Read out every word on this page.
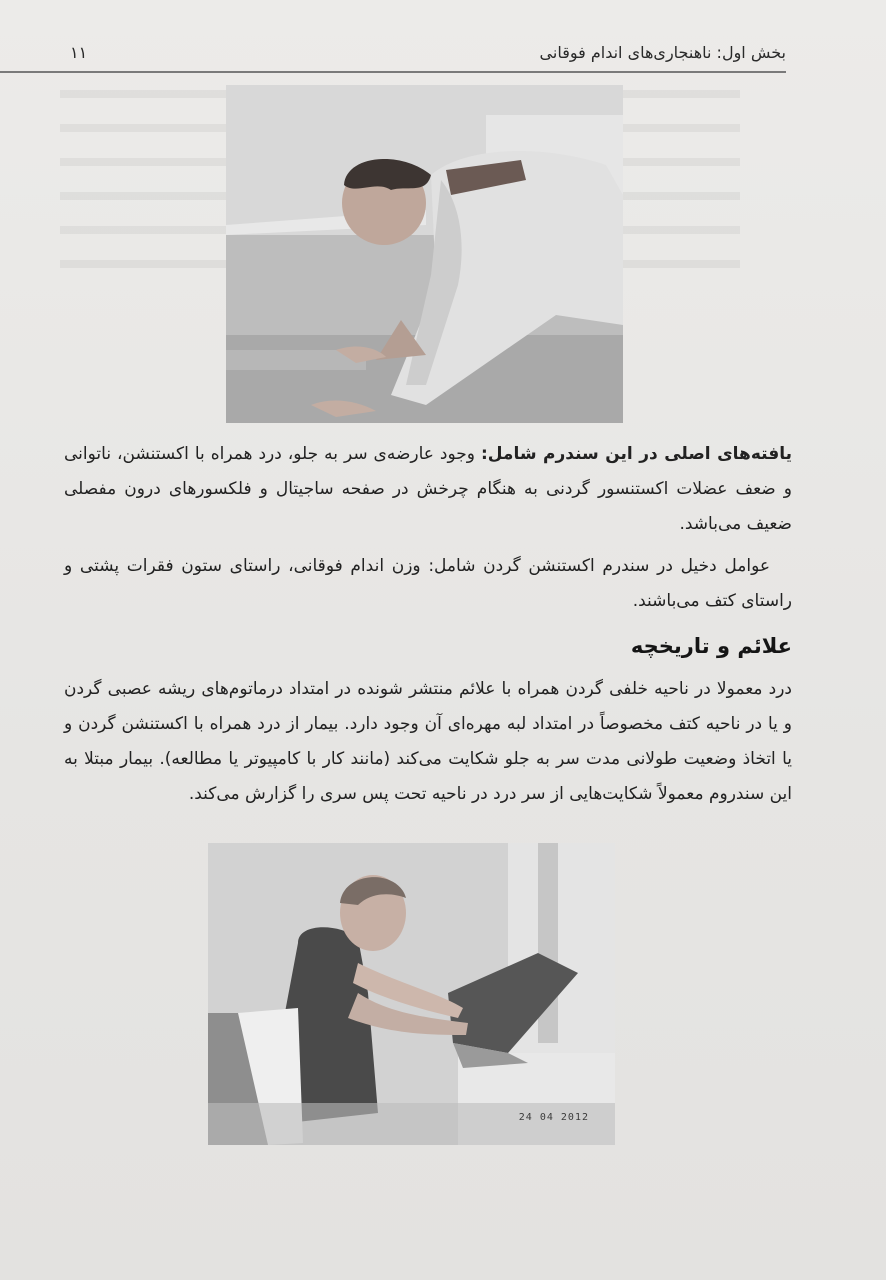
بخش اول: ناهنجاری‌های اندام فوقانی
۱۱
یافته‌های اصلی در این سندرم شامل: وجود عارضه‌ی سر به جلو، درد همراه با اکستنشن، ناتوانی و ضعف عضلات اکستنسور گردنی به هنگام چرخش در صفحه ساجیتال و فلکسورهای درون مفصلی ضعیف می‌باشد.
عوامل دخیل در سندرم اکستنشن گردن شامل: وزن اندام فوقانی، راستای ستون فقرات پشتی و راستای کتف می‌باشند.
علائم و تاریخچه
درد معمولا در ناحیه خلفی گردن همراه با علائم منتشر شونده در امتداد درماتوم‌های ریشه عصبی گردن و یا در ناحیه کتف مخصوصاً در امتداد لبه مهره‌ای آن وجود دارد. بیمار از درد همراه با اکستنشن گردن و یا اتخاذ وضعیت طولانی مدت سر به جلو شکایت می‌کند (مانند کار با کامپیوتر یا مطالعه). بیمار مبتلا به این سندروم معمولاً شکایت‌هایی از سر درد در ناحیه تحت پس سری را گزارش می‌کند.
24 04 2012
